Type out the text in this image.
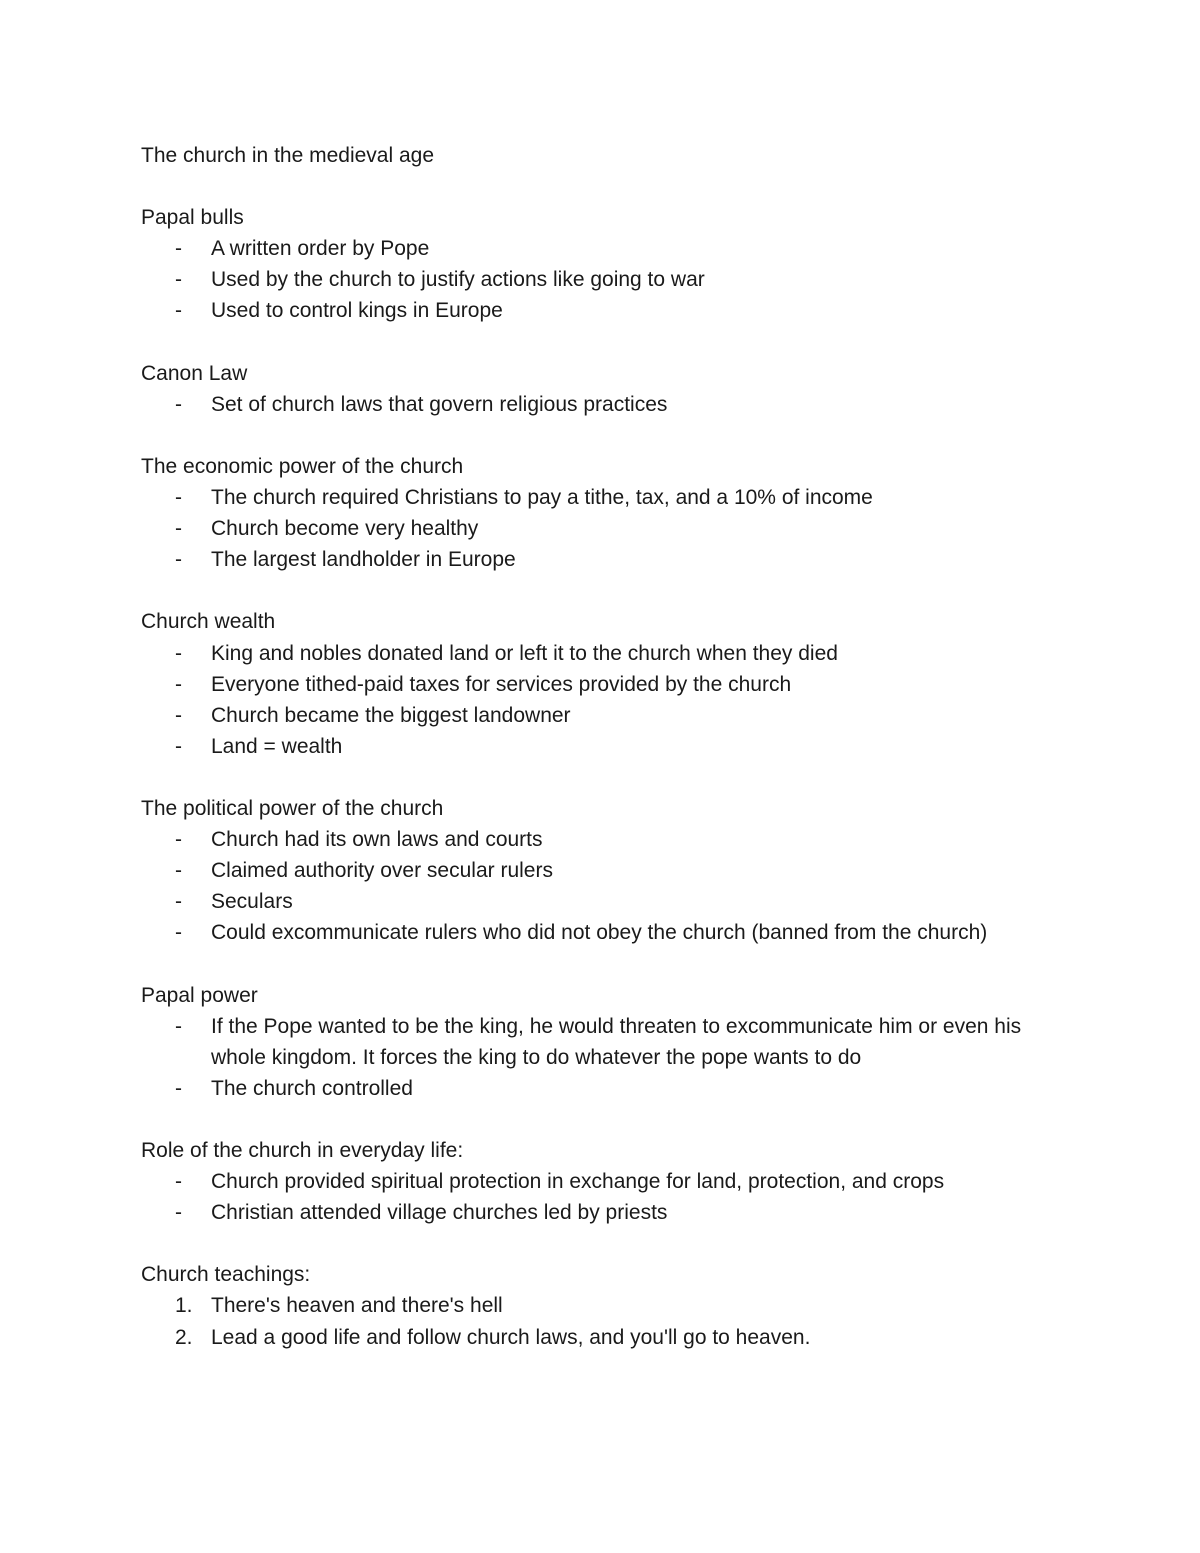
The church in the medieval age

Papal bulls

-	A written order by Pope
-	Used by the church to justify actions like going to war
-	Used to control kings in Europe

Canon Law

-	Set of church laws that govern religious practices

The economic power of the church

-	The church required Christians to pay a tithe, tax, and a 10% of income
-	Church become very healthy
-	The largest landholder in Europe

Church wealth

-	King and nobles donated land or left it to the church when they died
-	Everyone tithed-paid taxes for services provided by the church
-	Church became the biggest landowner
-	Land = wealth

The political power of the church

-	Church had its own laws and courts
-	Claimed authority over secular rulers
-	Seculars
-	Could excommunicate rulers who did not obey the church (banned from the church)

Papal power

-	If the Pope wanted to be the king, he would threaten to excommunicate him or even his whole kingdom. It forces the king to do whatever the pope wants to do
-	The church controlled

Role of the church in everyday life:

-	Church provided spiritual protection in exchange for land, protection, and crops
-	Christian attended village churches led by priests

Church teachings:

1. There's heaven and there's hell
2. Lead a good life and follow church laws, and you'll go to heaven.
